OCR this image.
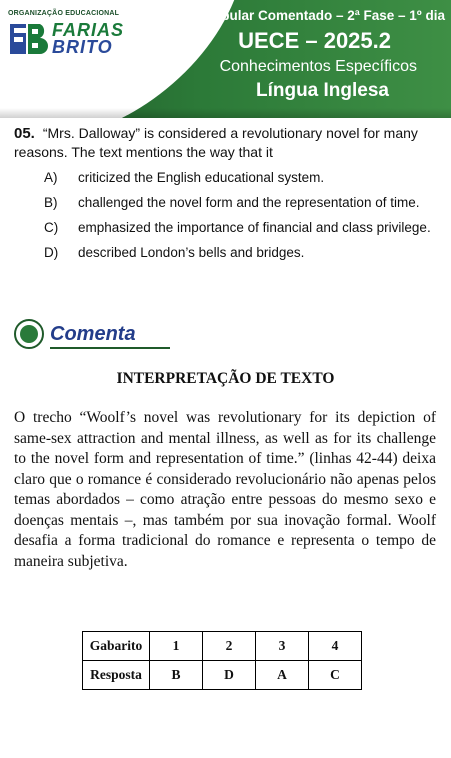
ORGANIZAÇÃO EDUCACIONAL
FARIAS
BRITO
Vestibular Comentado – 2ª Fase – 1º dia
UECE – 2025.2
Conhecimentos Específicos
Língua Inglesa
05. “Mrs. Dalloway” is considered a revolutionary novel for many reasons. The text mentions the way that it
A)	criticized the English educational system.
B)	challenged the novel form and the representation of time.
C)	emphasized the importance of financial and class privilege.
D)	described London’s bells and bridges.
Comenta
INTERPRETAÇÃO DE TEXTO
O trecho “Woolf’s novel was revolutionary for its depiction of same-sex attraction and mental illness, as well as for its challenge to the novel form and representation of time.” (linhas 42-44) deixa claro que o romance é considerado revolucionário não apenas pelos temas abordados – como atração entre pessoas do mesmo sexo e doenças mentais –, mas também por sua inovação formal. Woolf desafia a forma tradicional do romance e representa o tempo de maneira subjetiva.
Gabarito	1	2	3	4
Resposta	B	D	A	C
